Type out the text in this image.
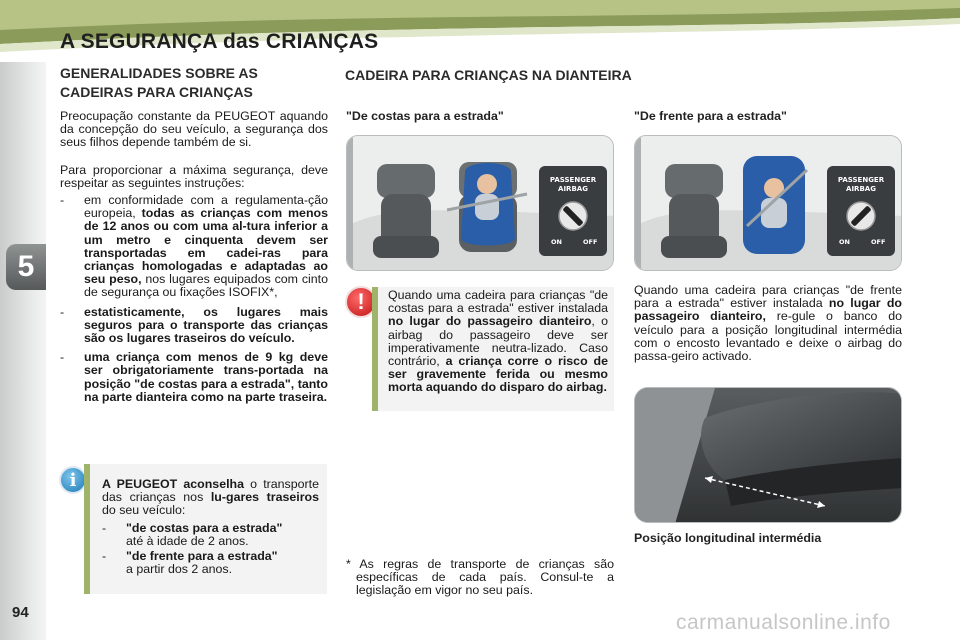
5
94
A SEGURANÇA das CRIANÇAS
GENERALIDADES SOBRE AS CADEIRAS PARA CRIANÇAS

Preocupação constante da PEUGEOT aquando da concepção do seu veículo, a segurança dos seus filhos depende também de si.

Para proporcionar a máxima segurança, deve respeitar as seguintes instruções:

- em conformidade com a regulamenta-ção europeia, todas as crianças com menos de 12 anos ou com uma al-tura inferior a um metro e cinquenta devem ser transportadas em cadei-ras para crianças homologadas e adaptadas ao seu peso, nos lugares equipados com cinto de segurança ou fixações ISOFIX*,
- estatisticamente, os lugares mais seguros para o transporte das crianças são os lugares traseiros do veículo.
- uma criança com menos de 9 kg deve ser obrigatoriamente trans-portada na posição "de costas para a estrada", tanto na parte dianteira como na parte traseira.
i	A PEUGEOT aconselha o transporte das crianças nos lu-gares traseiros do seu veículo:

- "de costas para a estrada"
até à idade de 2 anos.
- "de frente para a estrada"
a partir dos 2 anos.
CADEIRA PARA CRIANÇAS NA DIANTEIRA
"De costas para a estrada"	"De frente para a estrada"
PASSENGER
AIRBAG
ON	OFF
PASSENGER
AIRBAG
ON	OFF
!	Quando uma cadeira para crianças "de costas para a estrada" estiver instalada no lugar do passageiro dianteiro, o airbag do passageiro deve ser imperativamente neutra-lizado. Caso contrário, a criança corre o risco de ser gravemente ferida ou mesmo morta aquando do disparo do airbag.

Quando uma cadeira para crianças "de frente para a estrada" estiver instalada no lugar do passageiro dianteiro, re-gule o banco do veículo para a posição longitudinal intermédia com o encosto levantado e deixe o airbag do passa-geiro activado.
Posição longitudinal intermédia
* As regras de transporte de crianças são específicas de cada país. Consul-te a legislação em vigor no seu país.
carmanualsonline.info
